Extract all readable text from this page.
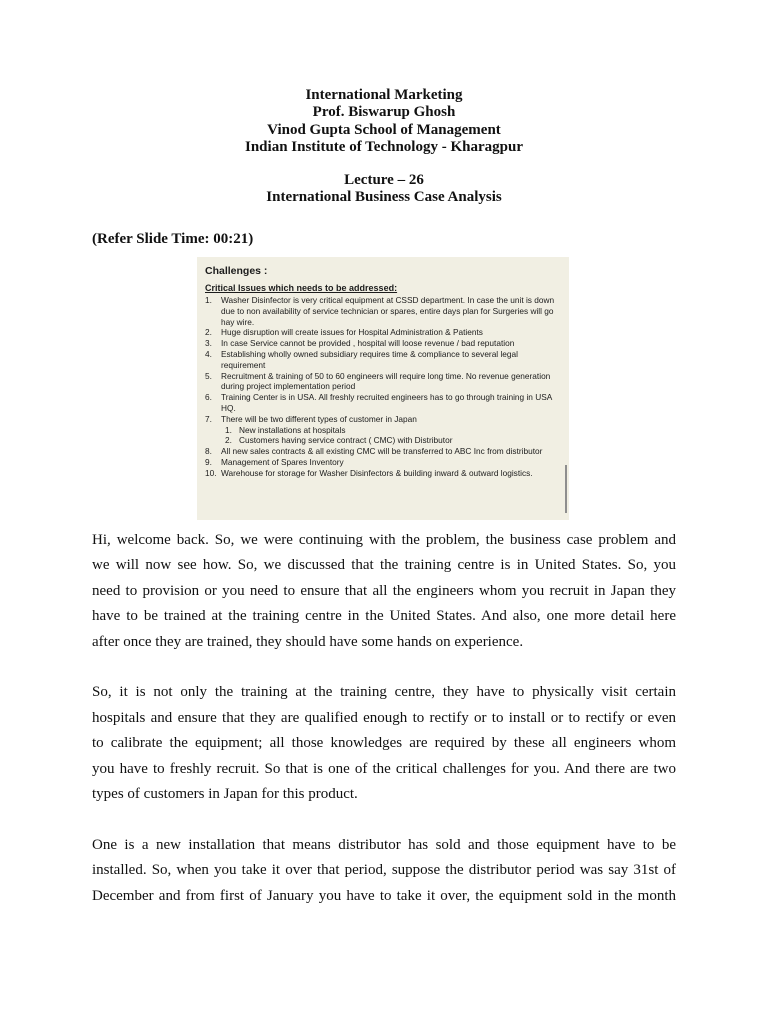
International Marketing
Prof. Biswarup Ghosh
Vinod Gupta School of Management
Indian Institute of Technology - Kharagpur
Lecture – 26
International Business Case Analysis
(Refer Slide Time: 00:21)
Challenges :
Critical Issues which needs to be addressed:
1. Washer Disinfector is very critical equipment at CSSD department. In case the unit is down
due to non availability of service technician or spares, entire days plan for Surgeries will go
hay wire.
2. Huge disruption will create issues for Hospital Administration & Patients
3. In case Service cannot be provided , hospital will loose revenue / bad reputation
4. Establishing wholly owned subsidiary requires time & compliance to several legal
requirement
5. Recruitment & training of 50 to 60 engineers will require long time. No revenue generation
during project implementation period
6. Training Center is in USA. All freshly recruited engineers has to go through training in USA
HQ.
7. There will be two different types of customer in Japan
1. New installations at hospitals
2. Customers having service contract ( CMC) with Distributor
8. All new sales contracts & all existing CMC will be transferred to ABC Inc from distributor
9. Management of Spares Inventory
10. Warehouse for storage for Washer Disinfectors & building inward & outward logistics.

Hi, welcome back. So, we were continuing with the problem, the business case problem and
we will now see how. So, we discussed that the training centre is in United States. So, you
need to provision or you need to ensure that all the engineers whom you recruit in Japan they
have to be trained at the training centre in the United States. And also, one more detail here
after once they are trained, they should have some hands on experience.

So, it is not only the training at the training centre, they have to physically visit certain
hospitals and ensure that they are qualified enough to rectify or to install or to rectify or even
to calibrate the equipment; all those knowledges are required by these all engineers whom
you have to freshly recruit. So that is one of the critical challenges for you. And there are two
types of customers in Japan for this product.

One is a new installation that means distributor has sold and those equipment have to be
installed. So, when you take it over that period, suppose the distributor period was say 31st of
December and from first of January you have to take it over, the equipment sold in the month
